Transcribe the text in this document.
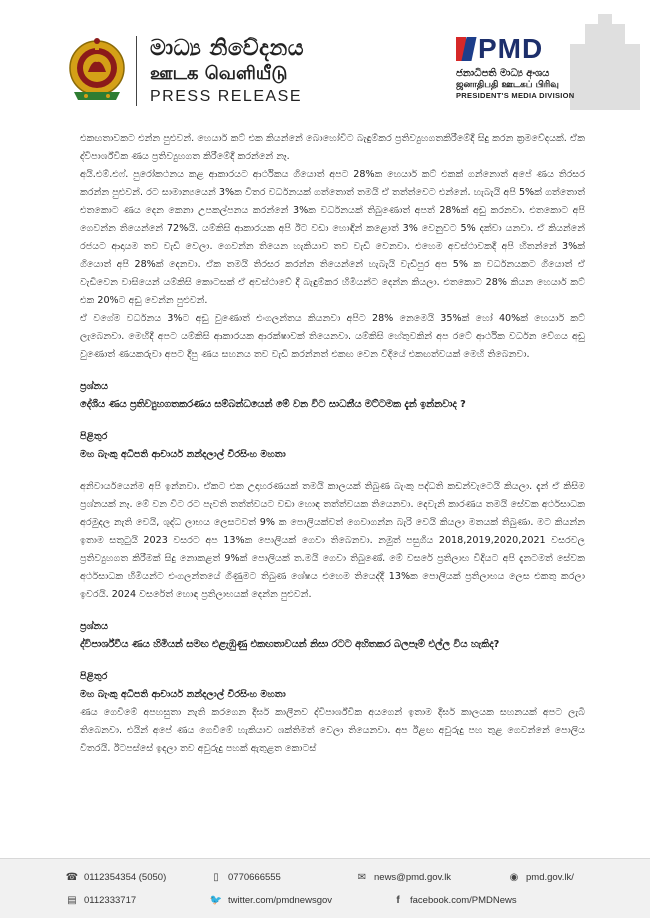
මාධ්‍ය නිවේදනය
ஊடக வெளியீடு
PRESS RELEASE
PMD
ජනාධිපති මාධ්‍ය අංශය
ஜனாதிபதி ஊடகப் பிரிவு
PRESIDENT'S MEDIA DIVISION

එකඟතාවකට එන්න පුළුවන්. හෙයාර් කට් එක කියන්නේ බොහෝවිට බැඳුම්කර ප්‍රතිව්‍යුහගතකිරීමේදී සිදු කරන ක්‍රමවේදයක්. ඒක ද්විපාර්ශ්වික ණය ප්‍රතිව්‍යුහගත කිරීමේදී කරන්නේ නෑ.

අයි.එම්.එෆ්. පුරෝකථනය කළ ආකාරයට ආර්ථිකය ගියොත් අපට 28%ක හෙයාර් කට් එකක් ගන්නොත් අපේ ණය තිරසර කරන්න පුළුවන්. රට සාමාන්‍යයෙන් 3%ක විතර වර්ධනයක් ගත්තොත් තමයි ඒ තත්ත්වෙට එන්නේ. හැබැයි අපි 5%ක් ගත්තොත් එතකොට ණය දෙන කෙනා උපකල්පනය කරන්නේ 3%ක වර්ධනයක් තිබුණොත් අපත් 28%ක් අඩු කරනවා. එතකොට අපි ගෙවන්න තියෙන්නේ 72%යි. යම්කිසි ආකාරයක අපි ඊට වඩා හොඳින් කළොත් 3% වෙනුවට 5% දක්වා යනවා. ඒ කියන්නේ රජයට ආදායම තව වැඩි වෙලා. ගෙවන්න තියෙන හැකියාව තව වැඩි වෙනවා. එහෙම අවස්ථාවකදී අපි හිතන්නේ 3%ක් ගියොත් අපි 28%ක් දෙනවා. ඒක තමයි තිරසර කරන්න තියෙන්නේ හැබැයි වැඩිපුර අප 5% ක වර්ධනයකට ගියොත් ඒ වැඩිවෙන වාසියෙන් යම්කිසි කොටසක් ඒ අවස්ථාවේ දී බැඳුම්කර හිමියන්ට දෙන්න කියලා. එතකොට 28% කියන හෙයාර් කට් එක 20%ට අඩු වෙන්න පුළුවන්.

ඒ වගේම වර්ධනය 3%ට අඩු වුණොත් එංගලන්තය කියනවා අපිට 28% නෙමෙයි 35%ක් හෝ 40%ක් හෙයාර් කට් ලැබෙනවා. මෙහිදී අපට යම්කිසි ආකාරයක ආරක්ෂාවක් තියෙනවා. යම්කිසි හේතුවකින් අප රටේ ආර්ථික වර්ධන වේගය අඩු වුණොත් ණයකරුවා අපට දීපු ණය සහනය තව වැඩි කරන්නත් එකඟ වෙන විදියේ එකඟත්වයක් මෙහි තිබෙනවා.

ප්‍රශ්නය
දේශීය ණය ප්‍රතිව්‍යුහගතකරණය සම්බන්ධයෙන් මේ වන විට සාධනීය මට්ටමක දැන් ඉන්නවාද ?
පිළිතුර
මහ බැංකු අධිපති ආචාර්ය නන්දලාල් වීරසිංහ මහතා

අනිවාර්යයෙන්ම අපි ඉන්නවා. ඒකට එක උදාහරණයක් තමයි කාලයක් තිබුණ බැංකු පද්ධති කඩන්වැටෙයි කියලා. දැන් ඒ කිසිම ප්‍රශ්නයක් නෑ. මේ වන විට රට පැවති තත්ත්වයට වඩා හොඳ තත්ත්වයක තියෙනවා. දෙවැනි කාරණය තමයි සේවක අර්ථසාධක අරමුදල නැති වෙයි, ශුද්ධ ලාභය ලෙසටවත් 9% ක පොලියක්වත් ගෙවාගන්න බැරි වෙයි කියලා මතයක් තිබුණා. මට කියන්න ඉතාම සතුටුයි 2023 වසරට අප 13%ක පොලියක් ගෙවා තිබෙනවා. නමුත් පසුගිය 2018,2019,2020,2021 වසරවල ප්‍රතිව්‍යුහගත කිරීමක් සිදු නොකළත් 9%ක් පොලියක් ත.මයි ගෙවා තිබුණේ. මේ වසරේ ප්‍රතිලාභ විදියට අපි දැනටමත් සේවක අර්ථසාධක හිමියන්ට එංගලන්තයේ ගිණුමට තිබුණ ශේෂය එහෙම තියෙද්දී 13%ක පොලියක් ප්‍රතිලාභය ලෙස එකතු කරලා ඉවරයි. 2024 වසරේත් හොඳ ප්‍රතිලාභයක් දෙන්න පුළුවන්.

ප්‍රශ්නය
ද්විපාර්ශ්වීය ණය හිමියන් සමඟ එළැඹුණු එකඟතාවයන් නිසා රටට අහිතකර බලපෑම් එල්ල විය හැකිද?
පිළිතුර
මහ බැංකු අධිපති ආචාර්ය නන්දලාල් වීරසිංහ මහතා

ණය ගෙවීමේ අපහසුතා නැති කරගෙන දීර්ඝ කාලීනව ද්විපාර්ශ්වික අයගෙන් ඉතාම දීර්ඝ කාලයක සහනයක් අපට ලැබී තිබෙනවා. එයින් අපේ ණය ගෙවීමේ හැකියාව ශක්තිමත් වෙලා තියෙනවා. අප ඊළඟ අවුරුදු පහ තුළ ගෙවන්නේ පොලිය විතරයි. ඊටපස්සේ ඉදලා තව අවුරුදු පහක් ඇතුළත කොටස්

☎ 0112354354 (5050)	▯ 0770666555	✉ news@pmd.gov.lk	◉ pmd.gov.lk/
▤ 0112333717	🐦 twitter.com/pmdnewsgov	f	facebook.com/PMDNews
